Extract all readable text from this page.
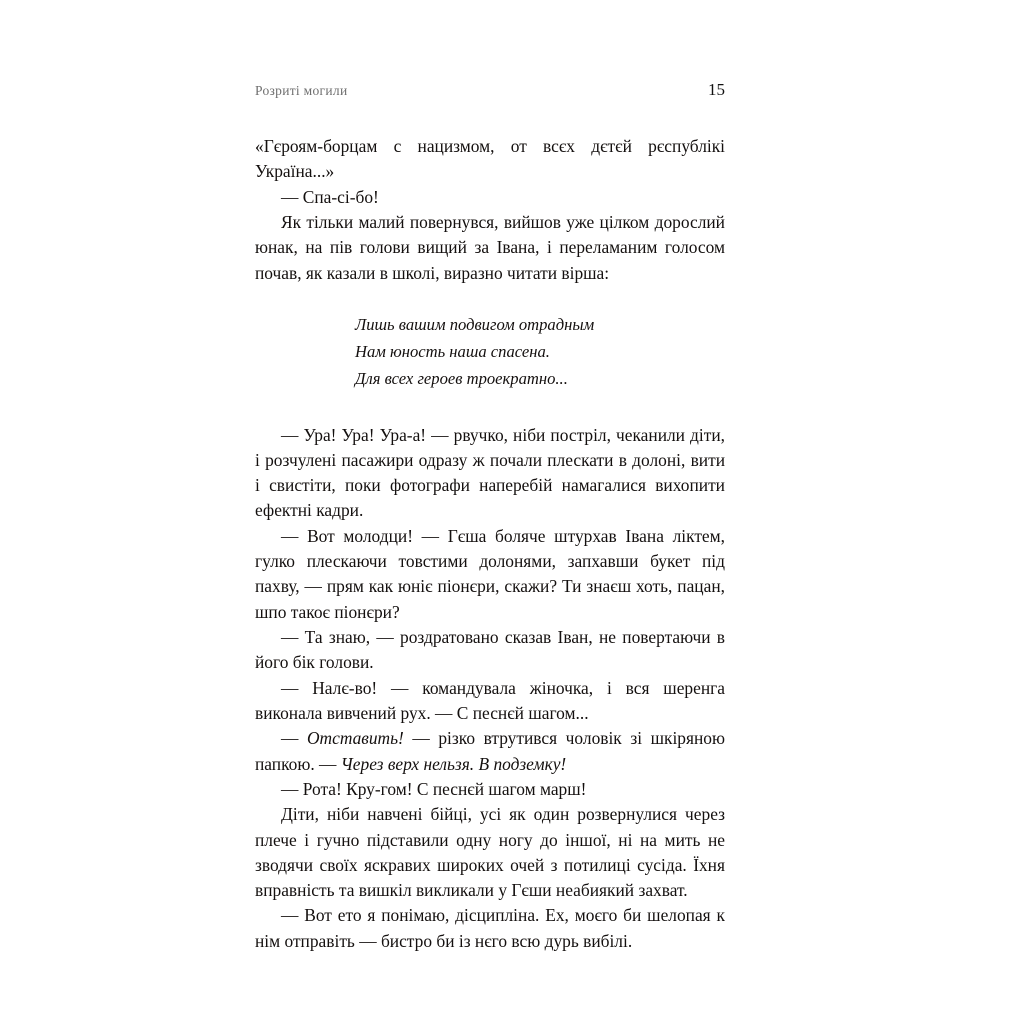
Розриті могили	15

«Гєроям-борцам с нацизмом, от всєх дєтєй рєспублікі Україна...»

— Спа-сі-бо!

Як тільки малий повернувся, вийшов уже цілком дорослий юнак, на пів голови вищий за Івана, і переламаним голосом почав, як казали в школі, виразно читати вірша:

Лишь вашим подвигом отрадным
Нам юность наша спасена.
Для всех героев троекратно...

— Ура! Ура! Ура-а! — рвучко, ніби постріл, чеканили діти, і розчулені пасажири одразу ж почали плескати в долоні, вити і свистіти, поки фотографи наперебій намагалися вихопити ефектні кадри.

— Вот молодци! — Гєша боляче штурхав Івана ліктем, гулко плескаючи товстими долонями, запхавши букет під пахву, — прям как юніє піонєри, скажи? Ти знаєш хоть, пацан, шпо такоє піонєри?

— Та знаю, — роздратовано сказав Іван, не повертаючи в його бік голови.

— Налє-во! — командувала жіночка, і вся шеренга виконала вивчений рух. — С песнєй шагом...

— Отставить! — різко втрутився чоловік зі шкіряною папкою. — Через верх нельзя. В подземку!

— Рота! Кру-гом! С песнєй шагом марш!

Діти, ніби навчені бійці, усі як один розвернулися через плече і гучно підставили одну ногу до іншої, ні на мить не зводячи своїх яскравих широких очей з потилиці сусіда. Їхня вправність та вишкіл викликали у Гєши неабиякий захват.

— Вот ето я понімаю, дісципліна. Ех, моєго би шелопая к нім отправіть — бистро би із нєго всю дурь вибілі.
